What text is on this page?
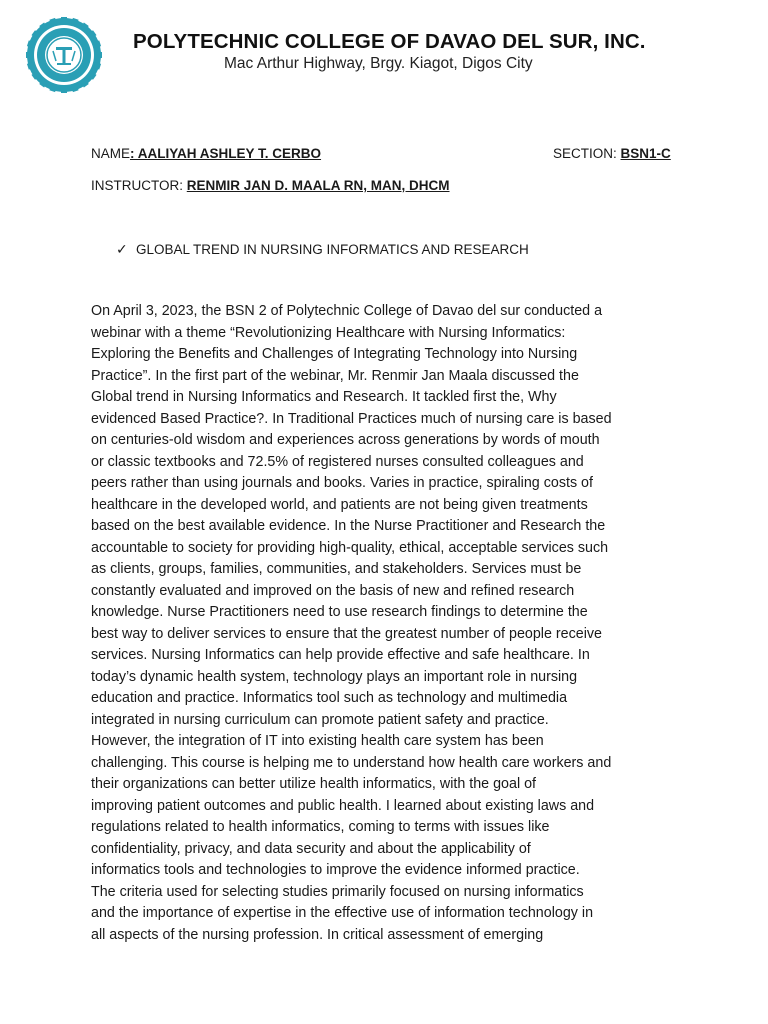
POLYTECHNIC COLLEGE OF DAVAO DEL SUR, INC.
Mac Arthur Highway, Brgy. Kiagot, Digos City
NAME: AALIYAH ASHLEY T. CERBO	SECTION: BSN1-C
INSTRUCTOR: RENMIR JAN D. MAALA RN, MAN, DHCM
✓ GLOBAL TREND IN NURSING INFORMATICS AND RESEARCH
On April 3, 2023, the BSN 2 of Polytechnic College of Davao del sur conducted a
webinar with a theme “Revolutionizing Healthcare with Nursing Informatics:
Exploring the Benefits and Challenges of Integrating Technology into Nursing
Practice”. In the first part of the webinar, Mr. Renmir Jan Maala discussed the
Global trend in Nursing Informatics and Research. It tackled first the, Why
evidenced Based Practice?. In Traditional Practices much of nursing care is based
on centuries-old wisdom and experiences across generations by words of mouth
or classic textbooks and 72.5% of registered nurses consulted colleagues and
peers rather than using journals and books. Varies in practice, spiraling costs of
healthcare in the developed world, and patients are not being given treatments
based on the best available evidence. In the Nurse Practitioner and Research the
accountable to society for providing high-quality, ethical, acceptable services such
as clients, groups, families, communities, and stakeholders. Services must be
constantly evaluated and improved on the basis of new and refined research
knowledge. Nurse Practitioners need to use research findings to determine the
best way to deliver services to ensure that the greatest number of people receive
services. Nursing Informatics can help provide effective and safe healthcare. In
today’s dynamic health system, technology plays an important role in nursing
education and practice. Informatics tool such as technology and multimedia
integrated in nursing curriculum can promote patient safety and practice.
However, the integration of IT into existing health care system has been
challenging. This course is helping me to understand how health care workers and
their organizations can better utilize health informatics, with the goal of
improving patient outcomes and public health. I learned about existing laws and
regulations related to health informatics, coming to terms with issues like
confidentiality, privacy, and data security and about the applicability of
informatics tools and technologies to improve the evidence informed practice.
The criteria used for selecting studies primarily focused on nursing informatics
and the importance of expertise in the effective use of information technology in
all aspects of the nursing profession. In critical assessment of emerging
